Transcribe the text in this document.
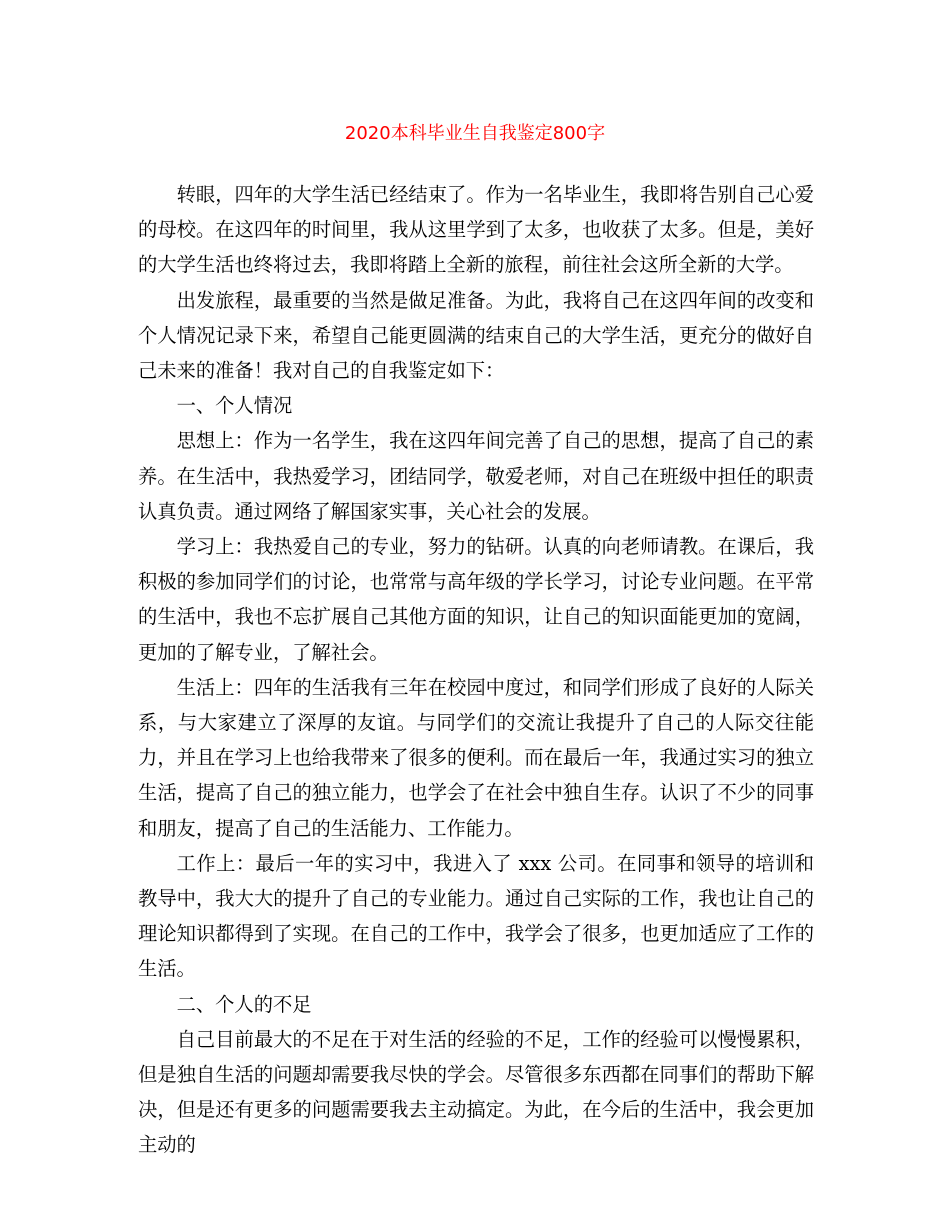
2020本科毕业生自我鉴定800字

转眼，四年的大学生活已经结束了。作为一名毕业生，我即将告别自己心爱的母校。在这四年的时间里，我从这里学到了太多，也收获了太多。但是，美好的大学生活也终将过去，我即将踏上全新的旅程，前往社会这所全新的大学。

出发旅程，最重要的当然是做足准备。为此，我将自己在这四年间的改变和个人情况记录下来，希望自己能更圆满的结束自己的大学生活，更充分的做好自己未来的准备！我对自己的自我鉴定如下：

一、个人情况

思想上：作为一名学生，我在这四年间完善了自己的思想，提高了自己的素养。在生活中，我热爱学习，团结同学，敬爱老师，对自己在班级中担任的职责认真负责。通过网络了解国家实事，关心社会的发展。

学习上：我热爱自己的专业，努力的钻研。认真的向老师请教。在课后，我积极的参加同学们的讨论，也常常与高年级的学长学习，讨论专业问题。在平常的生活中，我也不忘扩展自己其他方面的知识，让自己的知识面能更加的宽阔，更加的了解专业，了解社会。

生活上：四年的生活我有三年在校园中度过，和同学们形成了良好的人际关系，与大家建立了深厚的友谊。与同学们的交流让我提升了自己的人际交往能力，并且在学习上也给我带来了很多的便利。而在最后一年，我通过实习的独立生活，提高了自己的独立能力，也学会了在社会中独自生存。认识了不少的同事和朋友，提高了自己的生活能力、工作能力。

工作上：最后一年的实习中，我进入了 xxx 公司。在同事和领导的培训和教导中，我大大的提升了自己的专业能力。通过自己实际的工作，我也让自己的理论知识都得到了实现。在自己的工作中，我学会了很多，也更加适应了工作的生活。

二、个人的不足

自己目前最大的不足在于对生活的经验的不足，工作的经验可以慢慢累积，但是独自生活的问题却需要我尽快的学会。尽管很多东西都在同事们的帮助下解决，但是还有更多的问题需要我去主动搞定。为此，在今后的生活中，我会更加主动的
